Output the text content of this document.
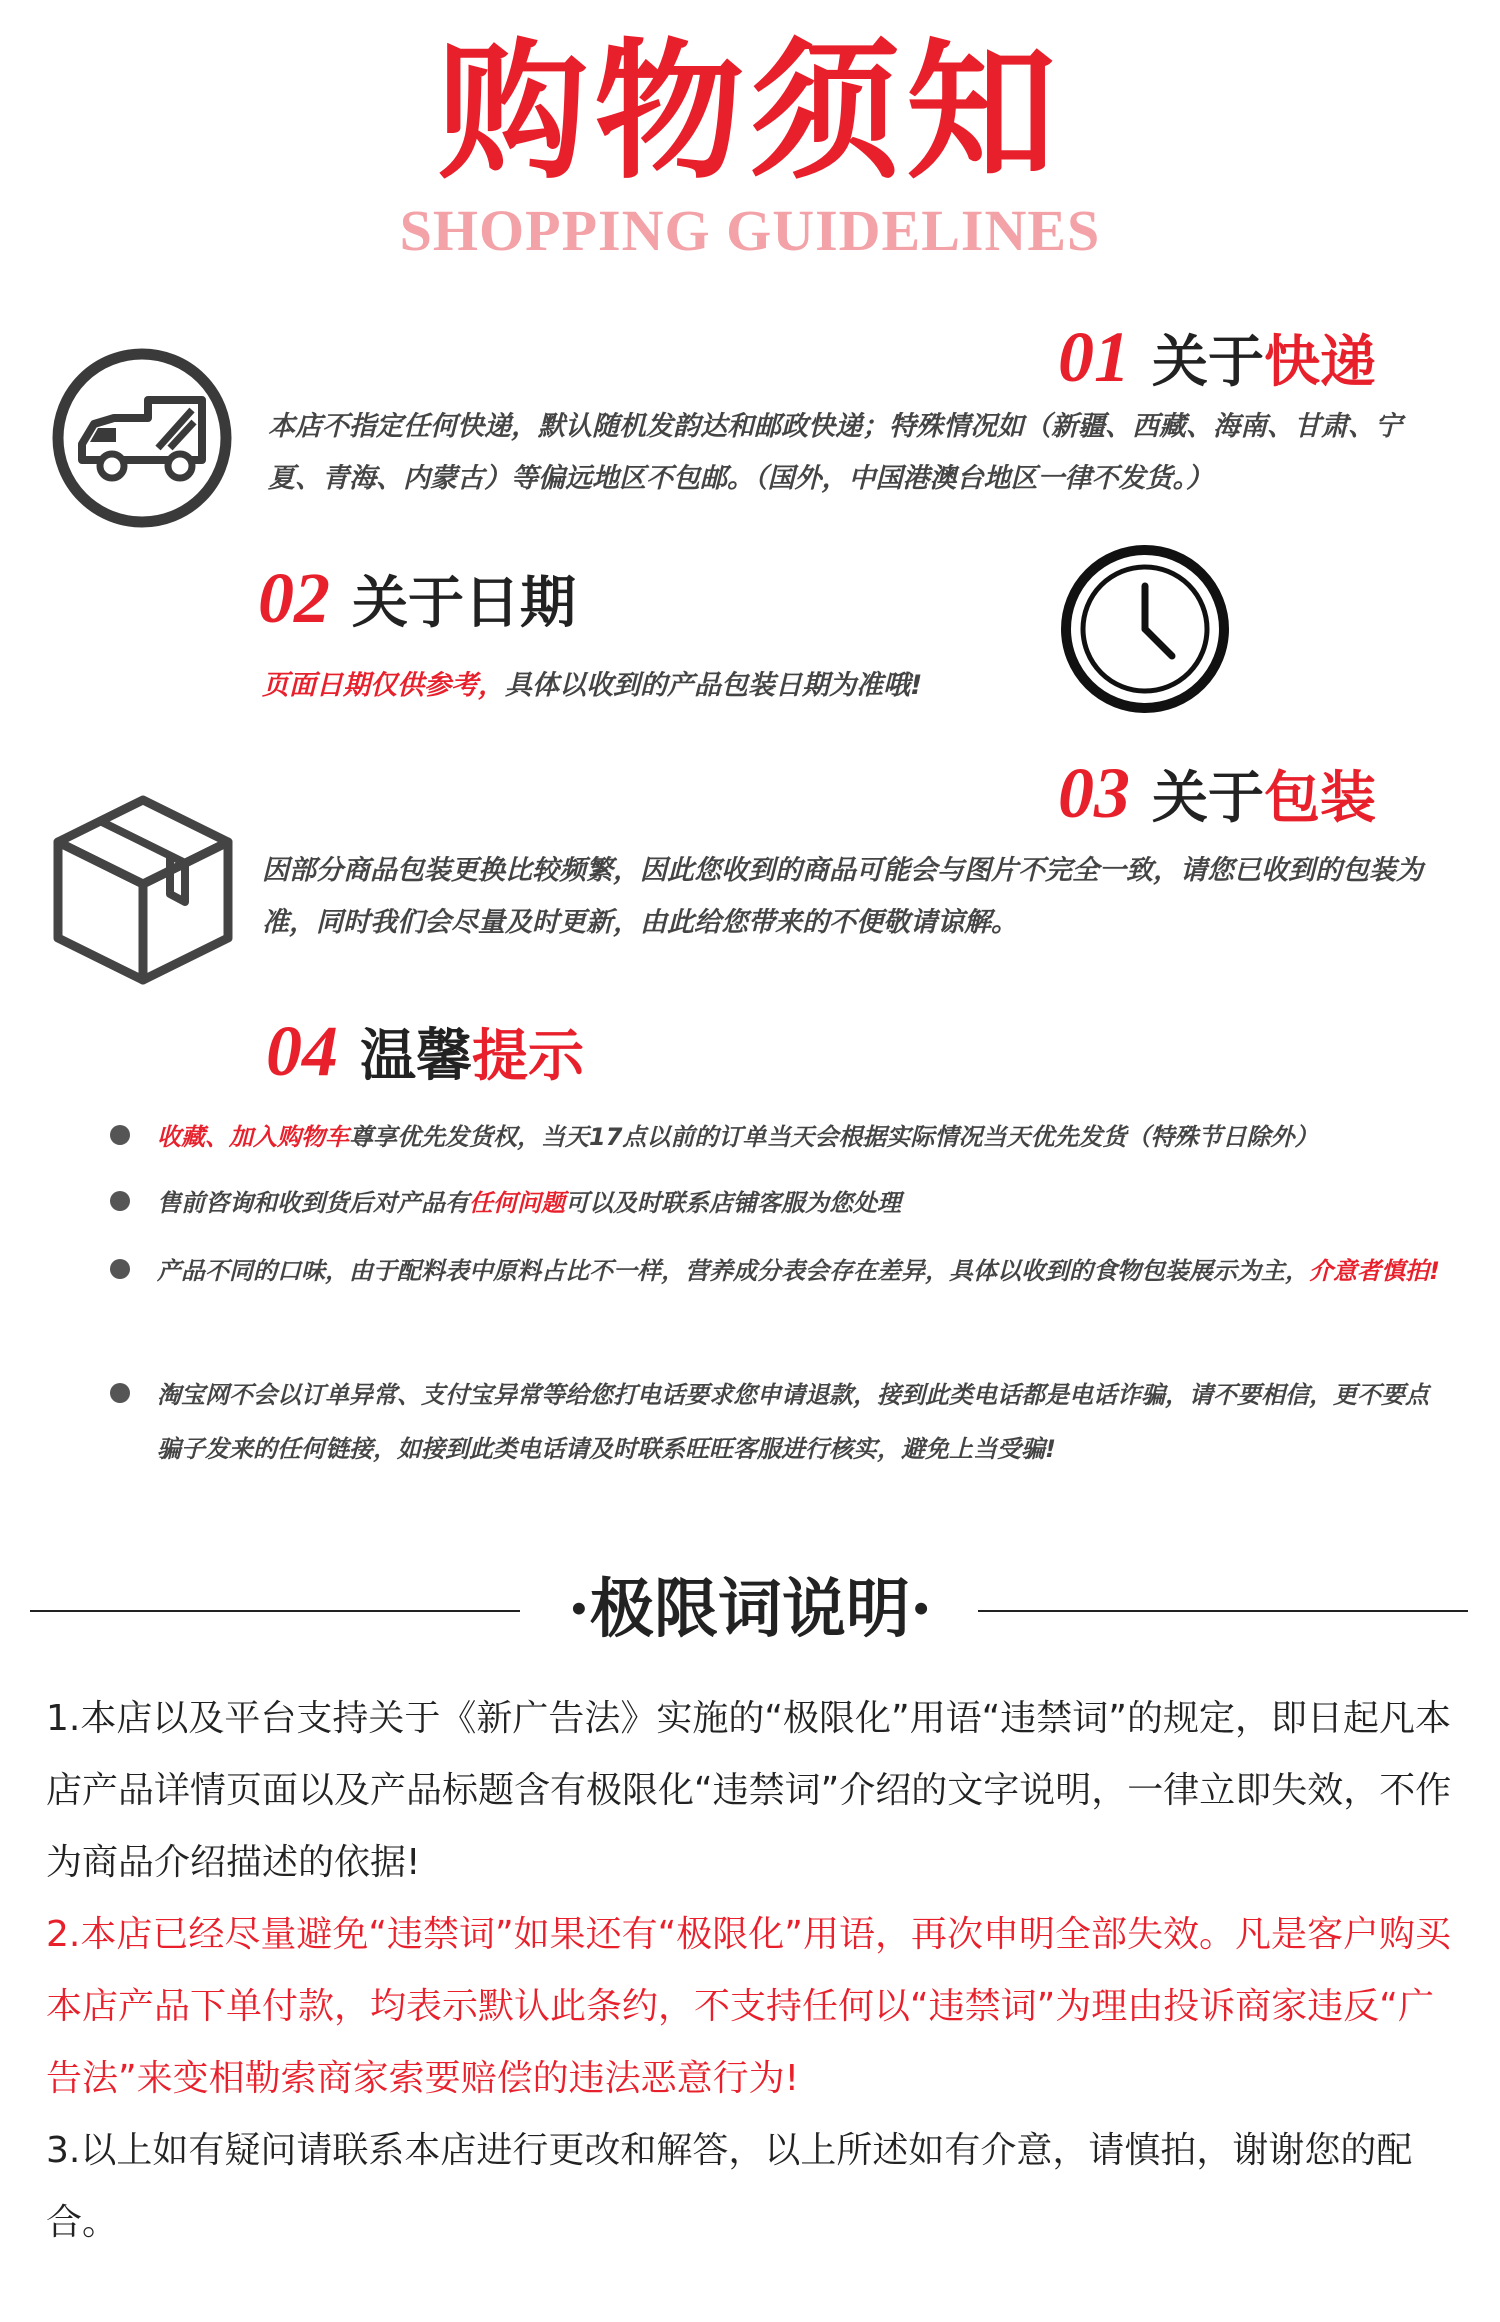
购物须知
SHOPPING GUIDELINES
01 关于快递
本店不指定任何快递，默认随机发韵达和邮政快递；特殊情况如（新疆、西藏、海南、甘肃、宁夏、青海、内蒙古）等偏远地区不包邮。（国外，中国港澳台地区一律不发货。）
02 关于日期
页面日期仅供参考，具体以收到的产品包装日期为准哦!
03 关于包装
因部分商品包装更换比较频繁，因此您收到的商品可能会与图片不完全一致，请您已收到的包装为准，同时我们会尽量及时更新，由此给您带来的不便敬请谅解。
04 温馨提示
收藏、加入购物车尊享优先发货权，当天17点以前的订单当天会根据实际情况当天优先发货（特殊节日除外）
售前咨询和收到货后对产品有任何问题可以及时联系店铺客服为您处理
产品不同的口味，由于配料表中原料占比不一样，营养成分表会存在差异，具体以收到的食物包装展示为主，介意者慎拍!
淘宝网不会以订单异常、支付宝异常等给您打电话要求您申请退款，接到此类电话都是电话诈骗，请不要相信，更不要点骗子发来的任何链接，如接到此类电话请及时联系旺旺客服进行核实，避免上当受骗!
·极限词说明·
1.本店以及平台支持关于《新广告法》实施的“极限化”用语“违禁词”的规定，即日起凡本店产品详情页面以及产品标题含有极限化“违禁词”介绍的文字说明，一律立即失效，不作为商品介绍描述的依据!
2.本店已经尽量避免“违禁词”如果还有“极限化”用语，再次申明全部失效。凡是客户购买本店产品下单付款，均表示默认此条约，不支持任何以“违禁词”为理由投诉商家违反“广告法”来变相勒索商家索要赔偿的违法恶意行为!
3.以上如有疑问请联系本店进行更改和解答，以上所述如有介意，请慎拍，谢谢您的配合。
